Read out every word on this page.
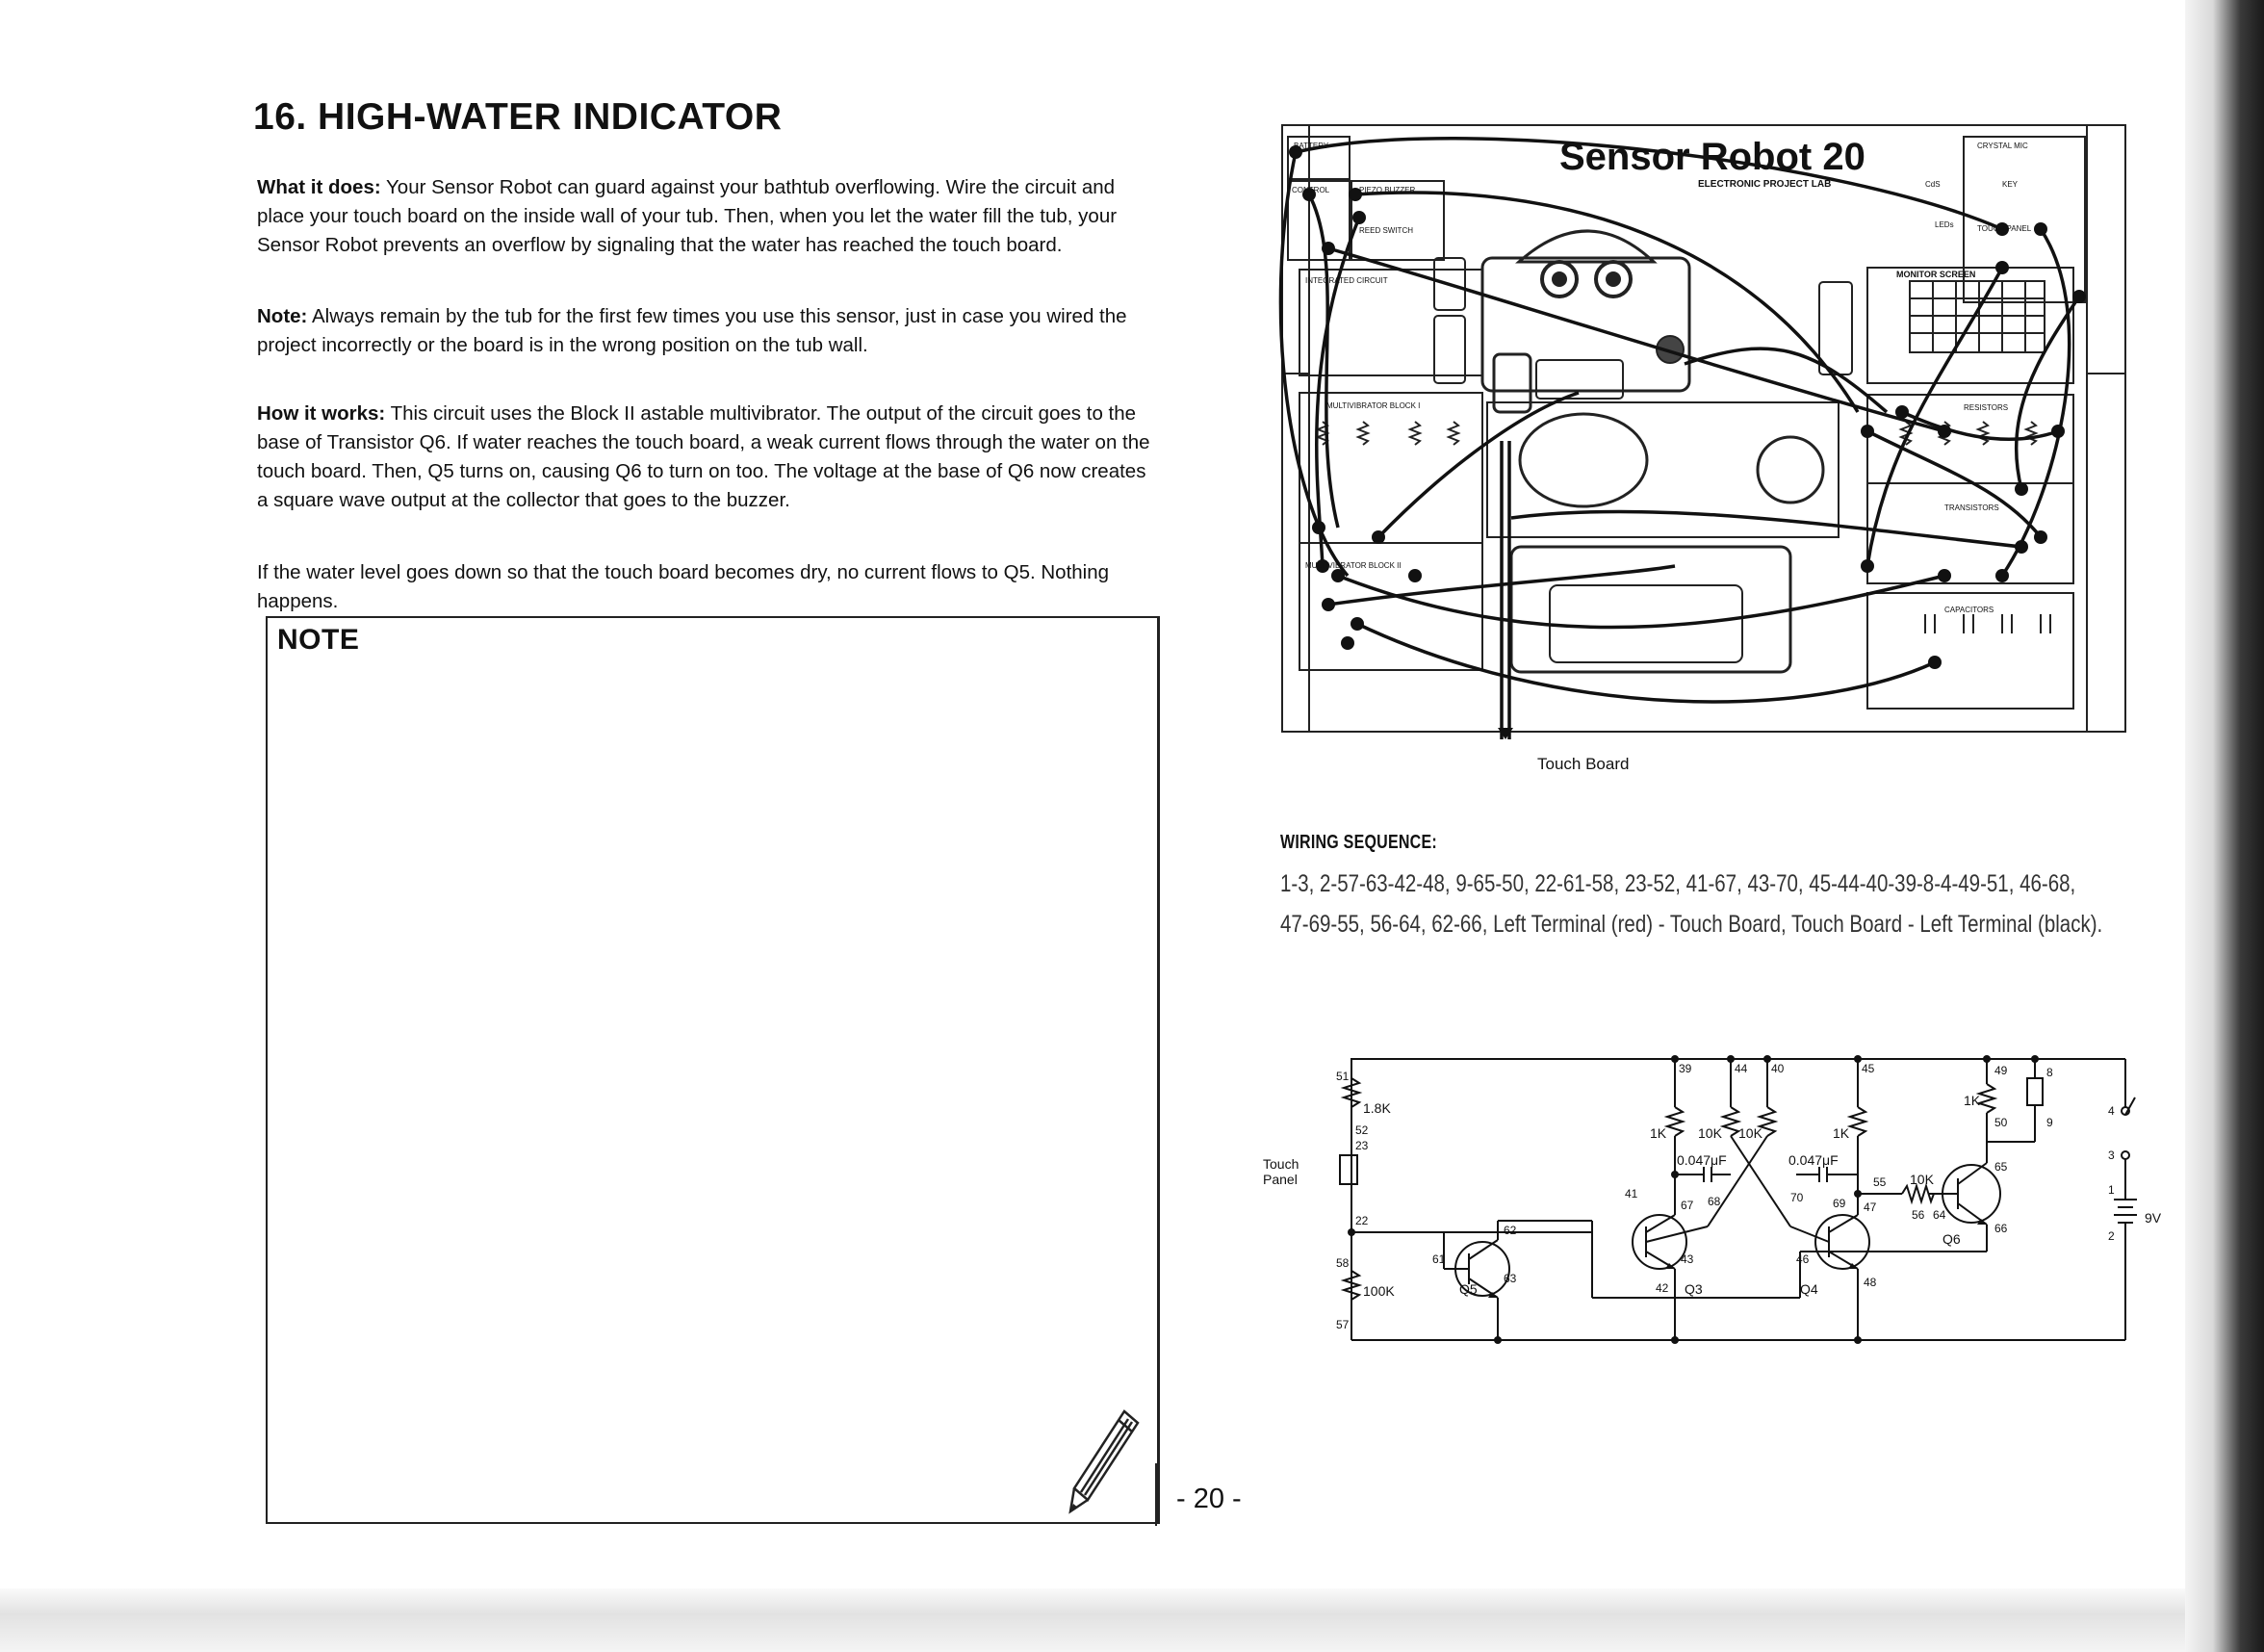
16. HIGH-WATER INDICATOR
What it does: Your Sensor Robot can guard against your bathtub overflowing. Wire the circuit and place your touch board on the inside wall of your tub. Then, when you let the water fill the tub, your Sensor Robot prevents an overflow by signaling that the water has reached the touch board.
Note: Always remain by the tub for the first few times you use this sensor, just in case you wired the project incorrectly or the board is in the wrong position on the tub wall.
How it works: This circuit uses the Block II astable multivibrator. The output of the circuit goes to the base of Transistor Q6. If water reaches the touch board, a weak current flows through the water on the touch board. Then, Q5 turns on, causing Q6 to turn on too. The voltage at the base of Q6 now creates a square wave output at the collector that goes to the buzzer.
If the water level goes down so that the touch board becomes dry, no current flows to Q5. Nothing happens.
NOTE
- 20 -
Sensor Robot 20
ELECTRONIC PROJECT LAB
BATTERY
CONTROL	PIEZO BUZZER
REED SWITCH
INTEGRATED CIRCUIT
CRYSTAL MIC
CdS	KEY
LEDs	TOUCH PANEL
MONITOR SCREEN
MULTIVIBRATOR BLOCK I
MULTIVIBRATOR BLOCK II
RESISTORS
TRANSISTORS
CAPACITORS
Touch Board
WIRING SEQUENCE:
1-3, 2-57-63-42-48, 9-65-50, 22-61-58, 23-52, 41-67, 43-70, 45-44-40-39-8-4-49-51, 46-68,
47-69-55, 56-64, 62-66, Left Terminal (red) - Touch Board, Touch Board - Left Terminal (black).
Touch
Panel
1.8K
100K
1K 10K 10K	1K
10K
1K
0.047μF	0.047μF
Q3	Q4
Q5
Q6
9V
51
52
23
22
58
57
61
62
63
39
41
67 68
42
43
44 40
70	69
46
47
48
45
55
56 64
65
66
49
50
8
9
4
3
1
2
